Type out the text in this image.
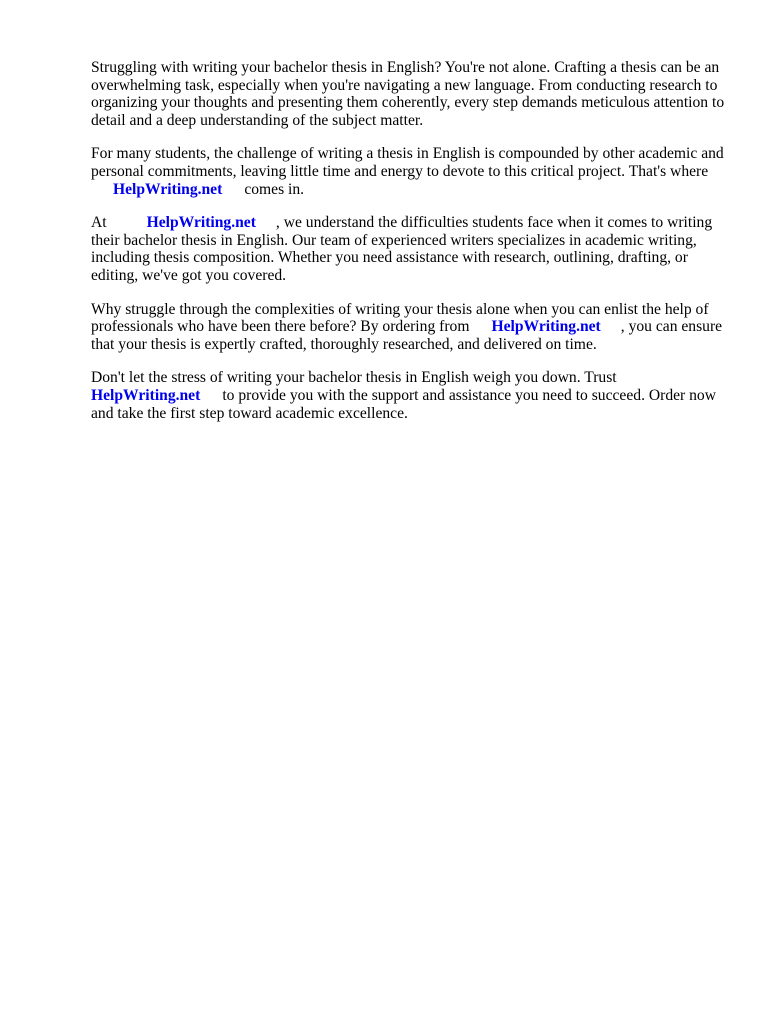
Struggling with writing your bachelor thesis in English? You're not alone. Crafting a thesis can be an overwhelming task, especially when you're navigating a new language. From conducting research to organizing your thoughts and presenting them coherently, every step demands meticulous attention to detail and a deep understanding of the subject matter.

For many students, the challenge of writing a thesis in English is compounded by other academic and personal commitments, leaving little time and energy to devote to this critical project. That's where
HelpWriting.net comes in.

At	HelpWriting.net , we understand the difficulties students face when it comes to writing their bachelor thesis in English. Our team of experienced writers specializes in academic writing, including thesis composition. Whether you need assistance with research, outlining, drafting, or editing, we've got you covered.

Why struggle through the complexities of writing your thesis alone when you can enlist the help of professionals who have been there before? By ordering from HelpWriting.net , you can ensure that your thesis is expertly crafted, thoroughly researched, and delivered on time.

Don't let the stress of writing your bachelor thesis in English weigh you down. Trust
HelpWriting.net to provide you with the support and assistance you need to succeed. Order now and take the first step toward academic excellence.
